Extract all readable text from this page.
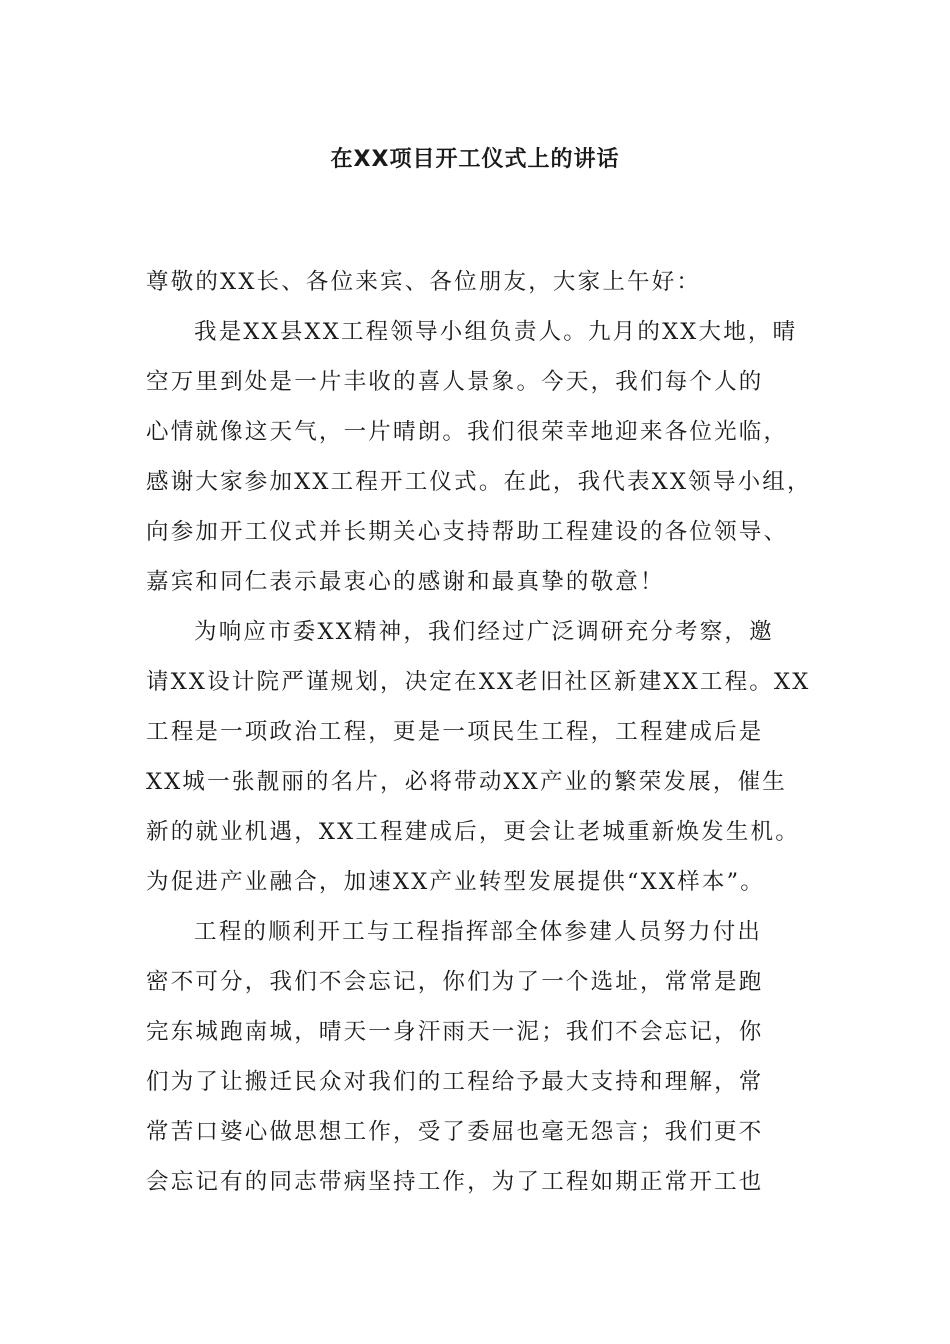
在XX项目开工仪式上的讲话
尊敬的XX长、各位来宾、各位朋友，大家上午好：
我是XX县XX工程领导小组负责人。九月的XX大地，晴
空万里到处是一片丰收的喜人景象。今天，我们每个人的
心情就像这天气，一片晴朗。我们很荣幸地迎来各位光临，
感谢大家参加XX工程开工仪式。在此，我代表XX领导小组，
向参加开工仪式并长期关心支持帮助工程建设的各位领导、
嘉宾和同仁表示最衷心的感谢和最真挚的敬意！
为响应市委XX精神，我们经过广泛调研充分考察，邀
请XX设计院严谨规划，决定在XX老旧社区新建XX工程。XX
工程是一项政治工程，更是一项民生工程，工程建成后是
XX城一张靓丽的名片，必将带动XX产业的繁荣发展，催生
新的就业机遇，XX工程建成后，更会让老城重新焕发生机。
为促进产业融合，加速XX产业转型发展提供“XX样本”。
工程的顺利开工与工程指挥部全体参建人员努力付出
密不可分，我们不会忘记，你们为了一个选址，常常是跑
完东城跑南城，晴天一身汗雨天一泥；我们不会忘记，你
们为了让搬迁民众对我们的工程给予最大支持和理解，常
常苦口婆心做思想工作，受了委屈也毫无怨言；我们更不
会忘记有的同志带病坚持工作，为了工程如期正常开工也
